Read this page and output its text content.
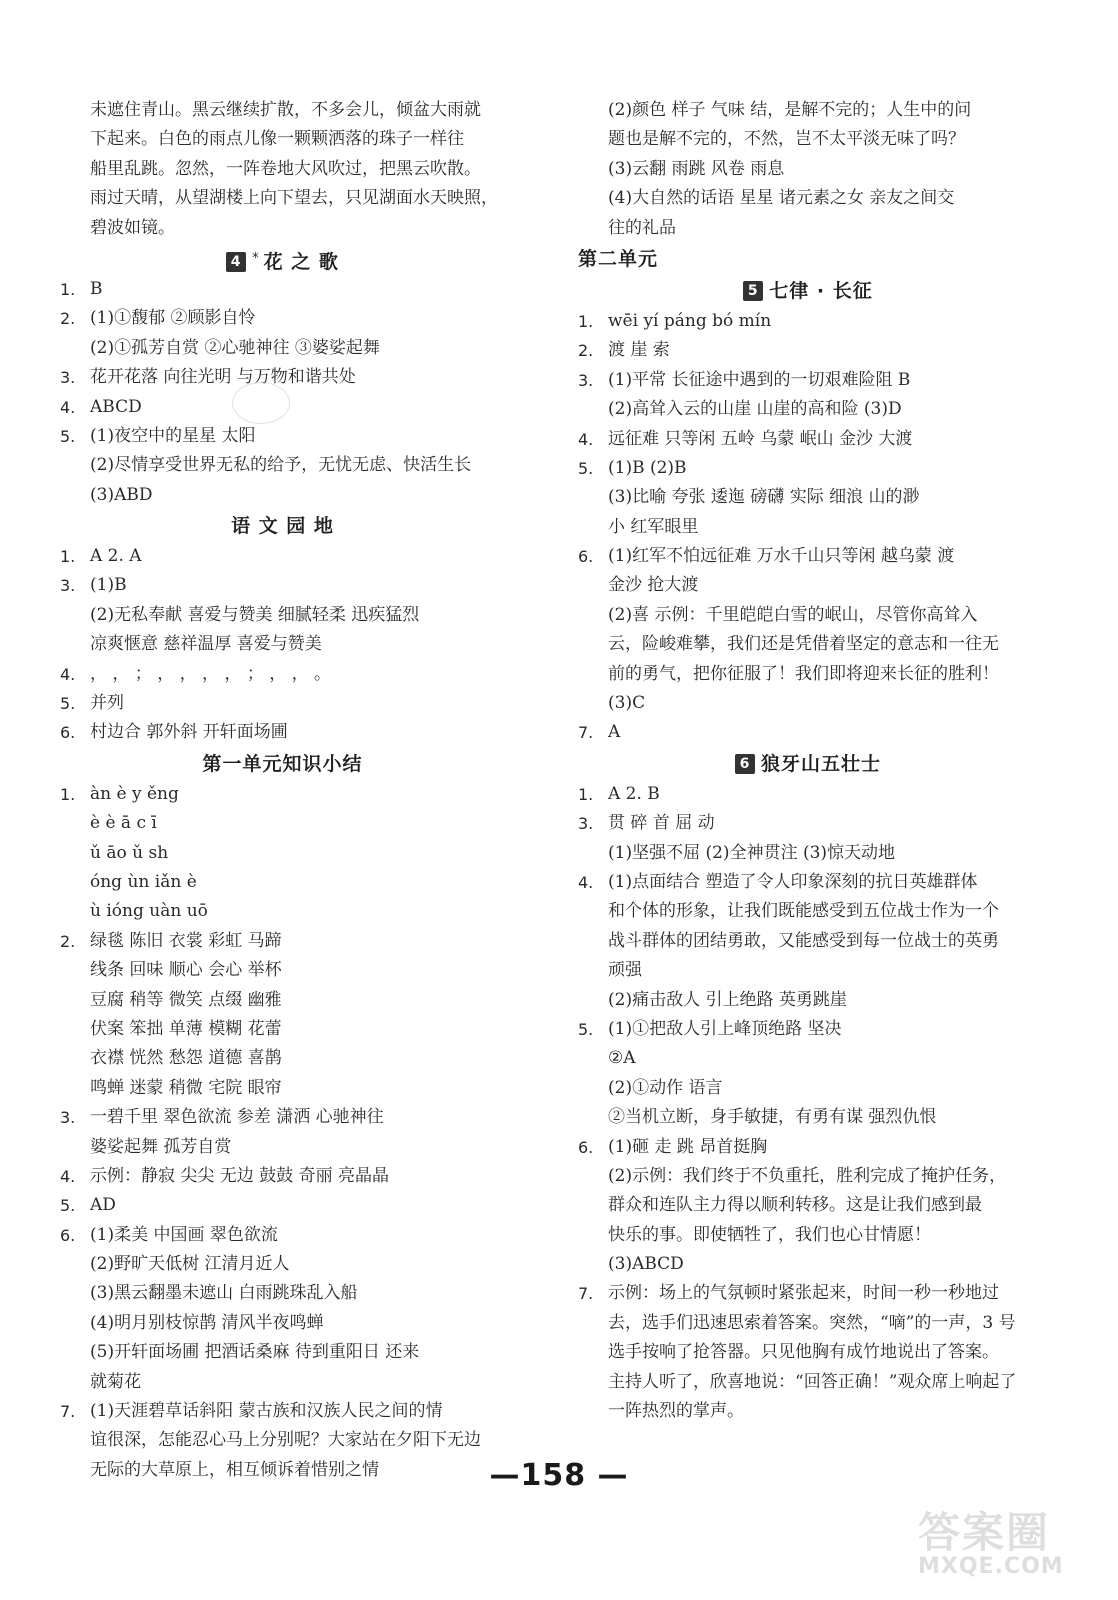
未遮住青山。黑云继续扩散，不多会儿，倾盆大雨就
下起来。白色的雨点儿像一颗颗洒落的珠子一样往
船里乱跳。忽然，一阵卷地大风吹过，把黑云吹散。
雨过天晴，从望湖楼上向下望去，只见湖面水天映照，
碧波如镜。
4 * 花 之 歌
1. B
2. (1)①馥郁 ②顾影自怜
(2)①孤芳自赏 ②心驰神往 ③婆娑起舞
3. 花开花落 向往光明 与万物和谐共处
4. ABCD
5. (1)夜空中的星星 太阳
(2)尽情享受世界无私的给予，无忧无虑、快活生长
(3)ABD
语 文 园 地
1. A 2. A
3. (1)B
(2)无私奉献 喜爱与赞美 细腻轻柔 迅疾猛烈
凉爽惬意 慈祥温厚 喜爱与赞美
4. ， ， ； ， ， ， ， ； ， ， 。
5. 并列
6. 村边合 郭外斜 开轩面场圃
第一单元知识小结
1. àn è y ěng
è è ā c ī
ǔ āo ǔ sh
óng ùn iǎn è
ù ióng uàn uō
2. 绿毯 陈旧 衣裳 彩虹 马蹄
线条 回味 顺心 会心 举杯
豆腐 稍等 微笑 点缀 幽雅
伏案 笨拙 单薄 模糊 花蕾
衣襟 恍然 愁怨 道德 喜鹊
鸣蝉 迷蒙 稍微 宅院 眼帘
3. 一碧千里 翠色欲流 参差 潇洒 心驰神往
婆娑起舞 孤芳自赏
4. 示例：静寂 尖尖 无边 鼓鼓 奇丽 亮晶晶
5. AD
6. (1)柔美 中国画 翠色欲流
(2)野旷天低树 江清月近人
(3)黑云翻墨未遮山 白雨跳珠乱入船
(4)明月别枝惊鹊 清风半夜鸣蝉
(5)开轩面场圃 把酒话桑麻 待到重阳日 还来
就菊花
7. (1)天涯碧草话斜阳 蒙古族和汉族人民之间的情
谊很深，怎能忍心马上分别呢？大家站在夕阳下无边
无际的大草原上，相互倾诉着惜别之情
(2)颜色 样子 气味 结，是解不完的；人生中的问
题也是解不完的，不然，岂不太平淡无味了吗？
(3)云翻 雨跳 风卷 雨息
(4)大自然的话语 星星 诸元素之女 亲友之间交
往的礼品
第二单元
5 七律 · 长征
1. wēi yí páng bó mín
2. 渡 崖 索
3. (1)平常 长征途中遇到的一切艰难险阻 B
(2)高耸入云的山崖 山崖的高和险 (3)D
4. 远征难 只等闲 五岭 乌蒙 岷山 金沙 大渡
5. (1)B (2)B
(3)比喻 夸张 逶迤 磅礴 实际 细浪 山的渺
小 红军眼里
6. (1)红军不怕远征难 万水千山只等闲 越乌蒙 渡
金沙 抢大渡
(2)喜 示例：千里皑皑白雪的岷山，尽管你高耸入
云，险峻难攀，我们还是凭借着坚定的意志和一往无
前的勇气，把你征服了！我们即将迎来长征的胜利！
(3)C
7. A
6 狼牙山五壮士
1. A 2. B
3. 贯 碎 首 屈 动
(1)坚强不屈 (2)全神贯注 (3)惊天动地
4. (1)点面结合 塑造了令人印象深刻的抗日英雄群体
和个体的形象，让我们既能感受到五位战士作为一个
战斗群体的团结勇敢，又能感受到每一位战士的英勇
顽强
(2)痛击敌人 引上绝路 英勇跳崖
5. (1)①把敌人引上峰顶绝路 坚决
②A
(2)①动作 语言
②当机立断，身手敏捷，有勇有谋 强烈仇恨
6. (1)砸 走 跳 昂首挺胸
(2)示例：我们终于不负重托，胜利完成了掩护任务，
群众和连队主力得以顺利转移。这是让我们感到最
快乐的事。即使牺牲了，我们也心甘情愿！
(3)ABCD
7. 示例：场上的气氛顿时紧张起来，时间一秒一秒地过
去，选手们迅速思索着答案。突然，“嘀”的一声，3 号
选手按响了抢答器。只见他胸有成竹地说出了答案。
主持人听了，欣喜地说：“回答正确！”观众席上响起了
一阵热烈的掌声。
—158 —
答案圈
MXQE.COM
